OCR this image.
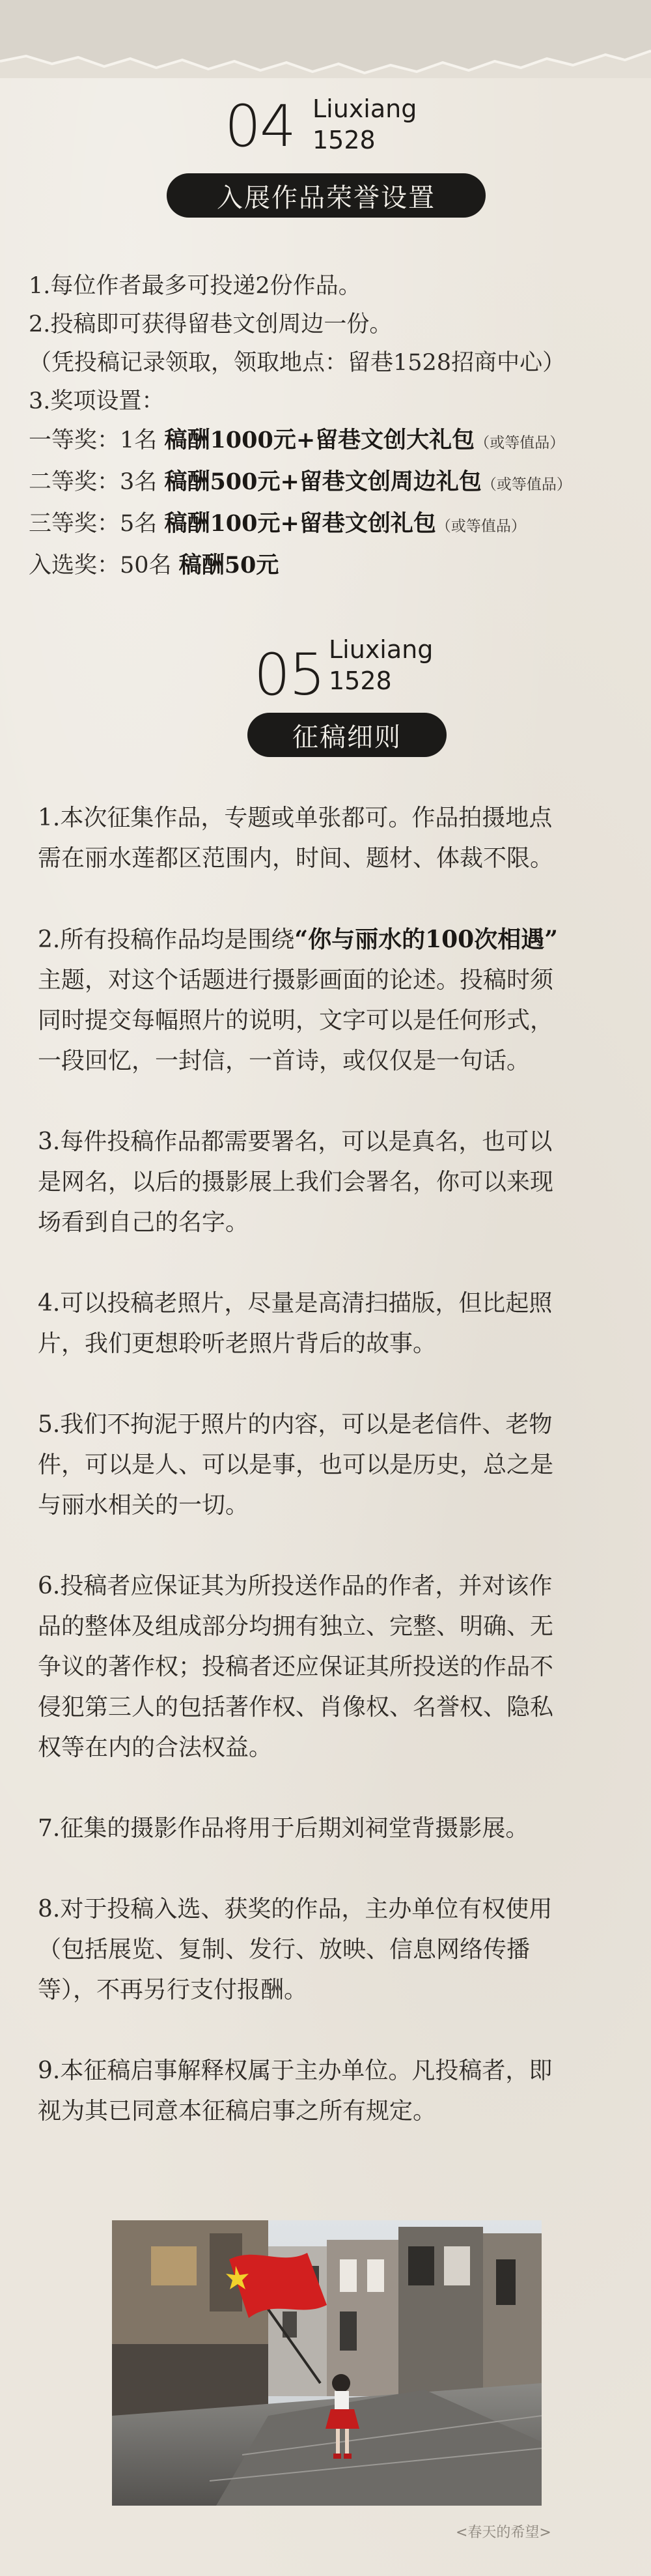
04 Liuxiang
1528
入展作品荣誉设置
1.每位作者最多可投递2份作品。
2.投稿即可获得留巷文创周边一份。
（凭投稿记录领取，领取地点：留巷1528招商中心）
3.奖项设置：
一等奖：1名 稿酬1000元+留巷文创大礼包（或等值品）
二等奖：3名 稿酬500元+留巷文创周边礼包（或等值品）
三等奖：5名 稿酬100元+留巷文创礼包（或等值品）
入选奖：50名 稿酬50元
05 Liuxiang
1528
征稿细则
1.本次征集作品，专题或单张都可。作品拍摄地点
需在丽水莲都区范围内，时间、题材、体裁不限。
2.所有投稿作品均是围绕“你与丽水的100次相遇”
主题，对这个话题进行摄影画面的论述。投稿时须
同时提交每幅照片的说明，文字可以是任何形式，
一段回忆，一封信，一首诗，或仅仅是一句话。
3.每件投稿作品都需要署名，可以是真名，也可以
是网名，以后的摄影展上我们会署名，你可以来现
场看到自己的名字。
4.可以投稿老照片，尽量是高清扫描版，但比起照
片，我们更想聆听老照片背后的故事。
5.我们不拘泥于照片的内容，可以是老信件、老物
件，可以是人、可以是事，也可以是历史，总之是
与丽水相关的一切。
6.投稿者应保证其为所投送作品的作者，并对该作
品的整体及组成部分均拥有独立、完整、明确、无
争议的著作权；投稿者还应保证其所投送的作品不
侵犯第三人的包括著作权、肖像权、名誉权、隐私
权等在内的合法权益。
7.征集的摄影作品将用于后期刘祠堂背摄影展。
8.对于投稿入选、获奖的作品，主办单位有权使用
（包括展览、复制、发行、放映、信息网络传播
等），不再另行支付报酬。
9.本征稿启事解释权属于主办单位。凡投稿者，即
视为其已同意本征稿启事之所有规定。
<春天的希望>
